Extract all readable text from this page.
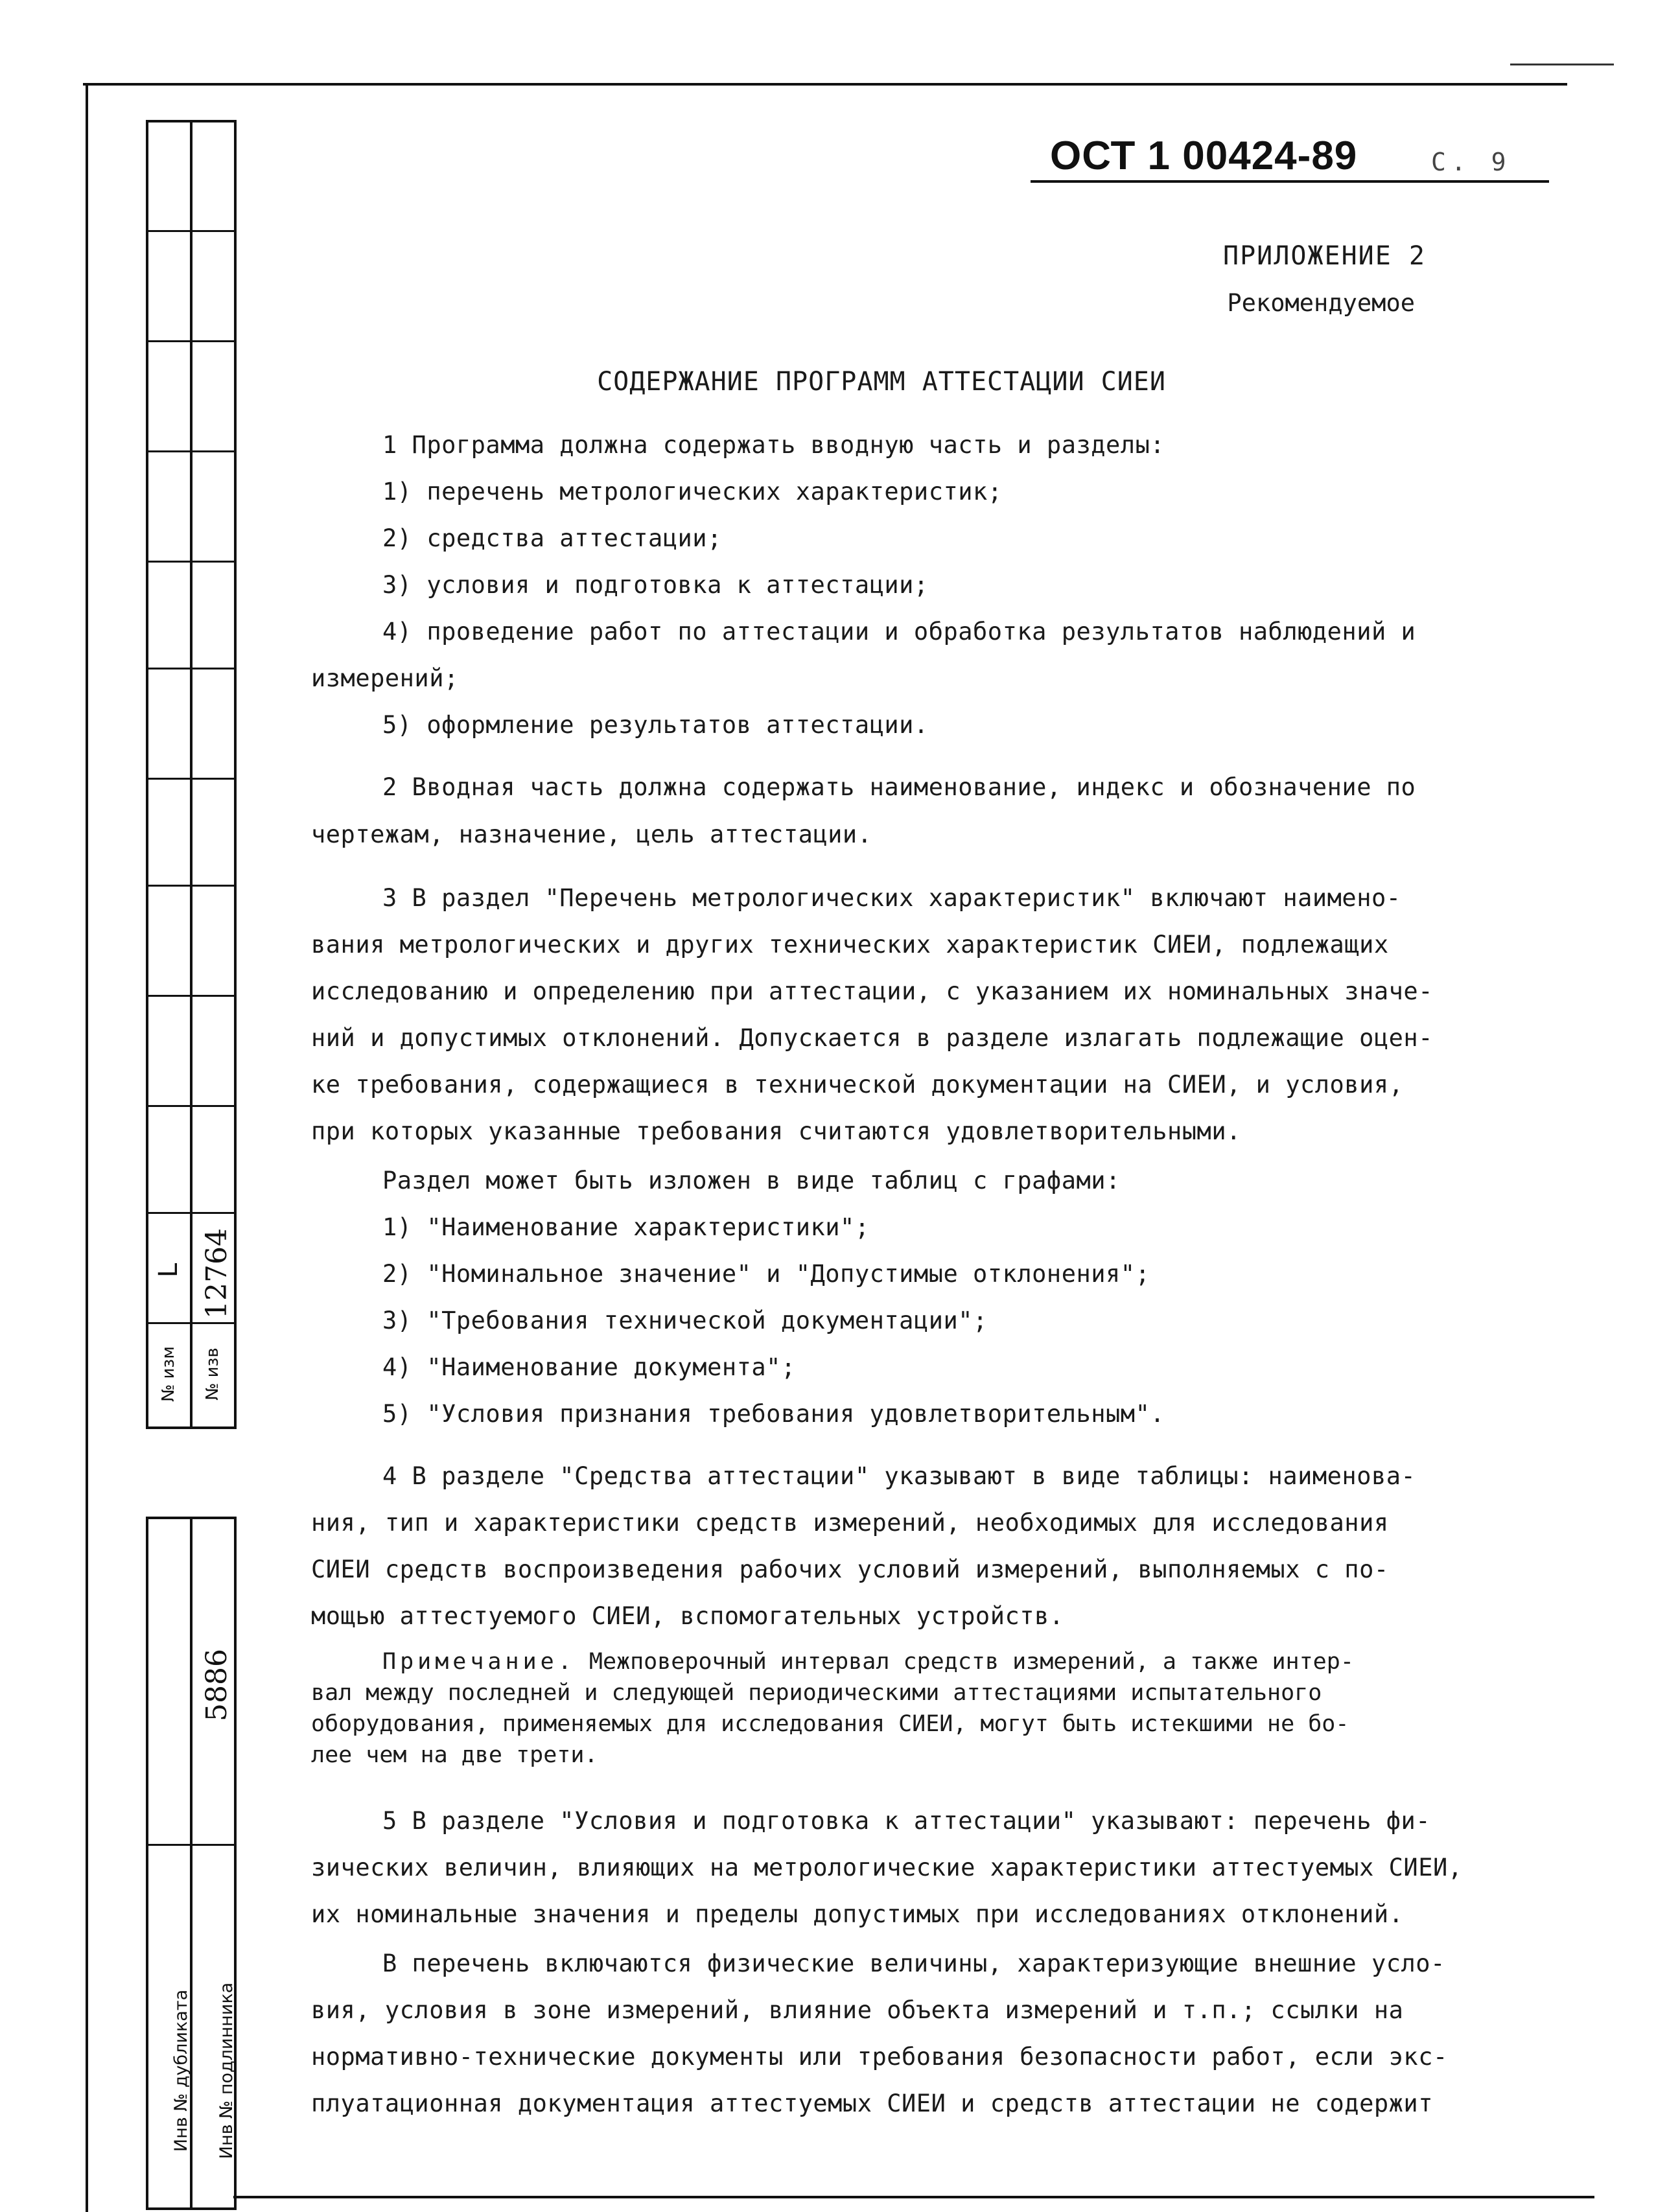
L 12764
№ изм № изв
5886
Инв № дубликата Инв № подлинника
ОСТ 1 00424-89	С. 9
ПРИЛОЖЕНИЕ 2
Рекомендуемое
СОДЕРЖАНИЕ ПРОГРАММ АТТЕСТАЦИИ СИЕИ
1 Программа должна содержать вводную часть и разделы:
1) перечень метрологических характеристик;
2) средства аттестации;
3) условия и подготовка к аттестации;
4) проведение работ по аттестации и обработка результатов наблюдений и
измерений;
5) оформление результатов аттестации.
2 Вводная часть должна содержать наименование, индекс и обозначение по
чертежам, назначение, цель аттестации.
3 В раздел "Перечень метрологических характеристик" включают наимено-
вания метрологических и других технических характеристик СИЕИ, подлежащих
исследованию и определению при аттестации, с указанием их номинальных значе-
ний и допустимых отклонений. Допускается в разделе излагать подлежащие оцен-
ке требования, содержащиеся в технической документации на СИЕИ, и условия,
при которых указанные требования считаются удовлетворительными.
Раздел может быть изложен в виде таблиц с графами:
1) "Наименование характеристики";
2) "Номинальное значение" и "Допустимые отклонения";
3) "Требования технической документации";
4) "Наименование документа";
5) "Условия признания требования удовлетворительным".
4 В разделе "Средства аттестации" указывают в виде таблицы: наименова-
ния, тип и характеристики средств измерений, необходимых для исследования
СИЕИ средств воспроизведения рабочих условий измерений, выполняемых с по-
мощью аттестуемого СИЕИ, вспомогательных устройств.
Примечание. Межповерочный интервал средств измерений, а также интер-
вал между последней и следующей периодическими аттестациями испытательного
оборудования, применяемых для исследования СИЕИ, могут быть истекшими не бо-
лее чем на две трети.
5 В разделе "Условия и подготовка к аттестации" указывают: перечень фи-
зических величин, влияющих на метрологические характеристики аттестуемых СИЕИ,
их номинальные значения и пределы допустимых при исследованиях отклонений.
В перечень включаются физические величины, характеризующие внешние усло-
вия, условия в зоне измерений, влияние объекта измерений и т.п.; ссылки на
нормативно-технические документы или требования безопасности работ, если экс-
плуатационная документация аттестуемых СИЕИ и средств аттестации не содержит
